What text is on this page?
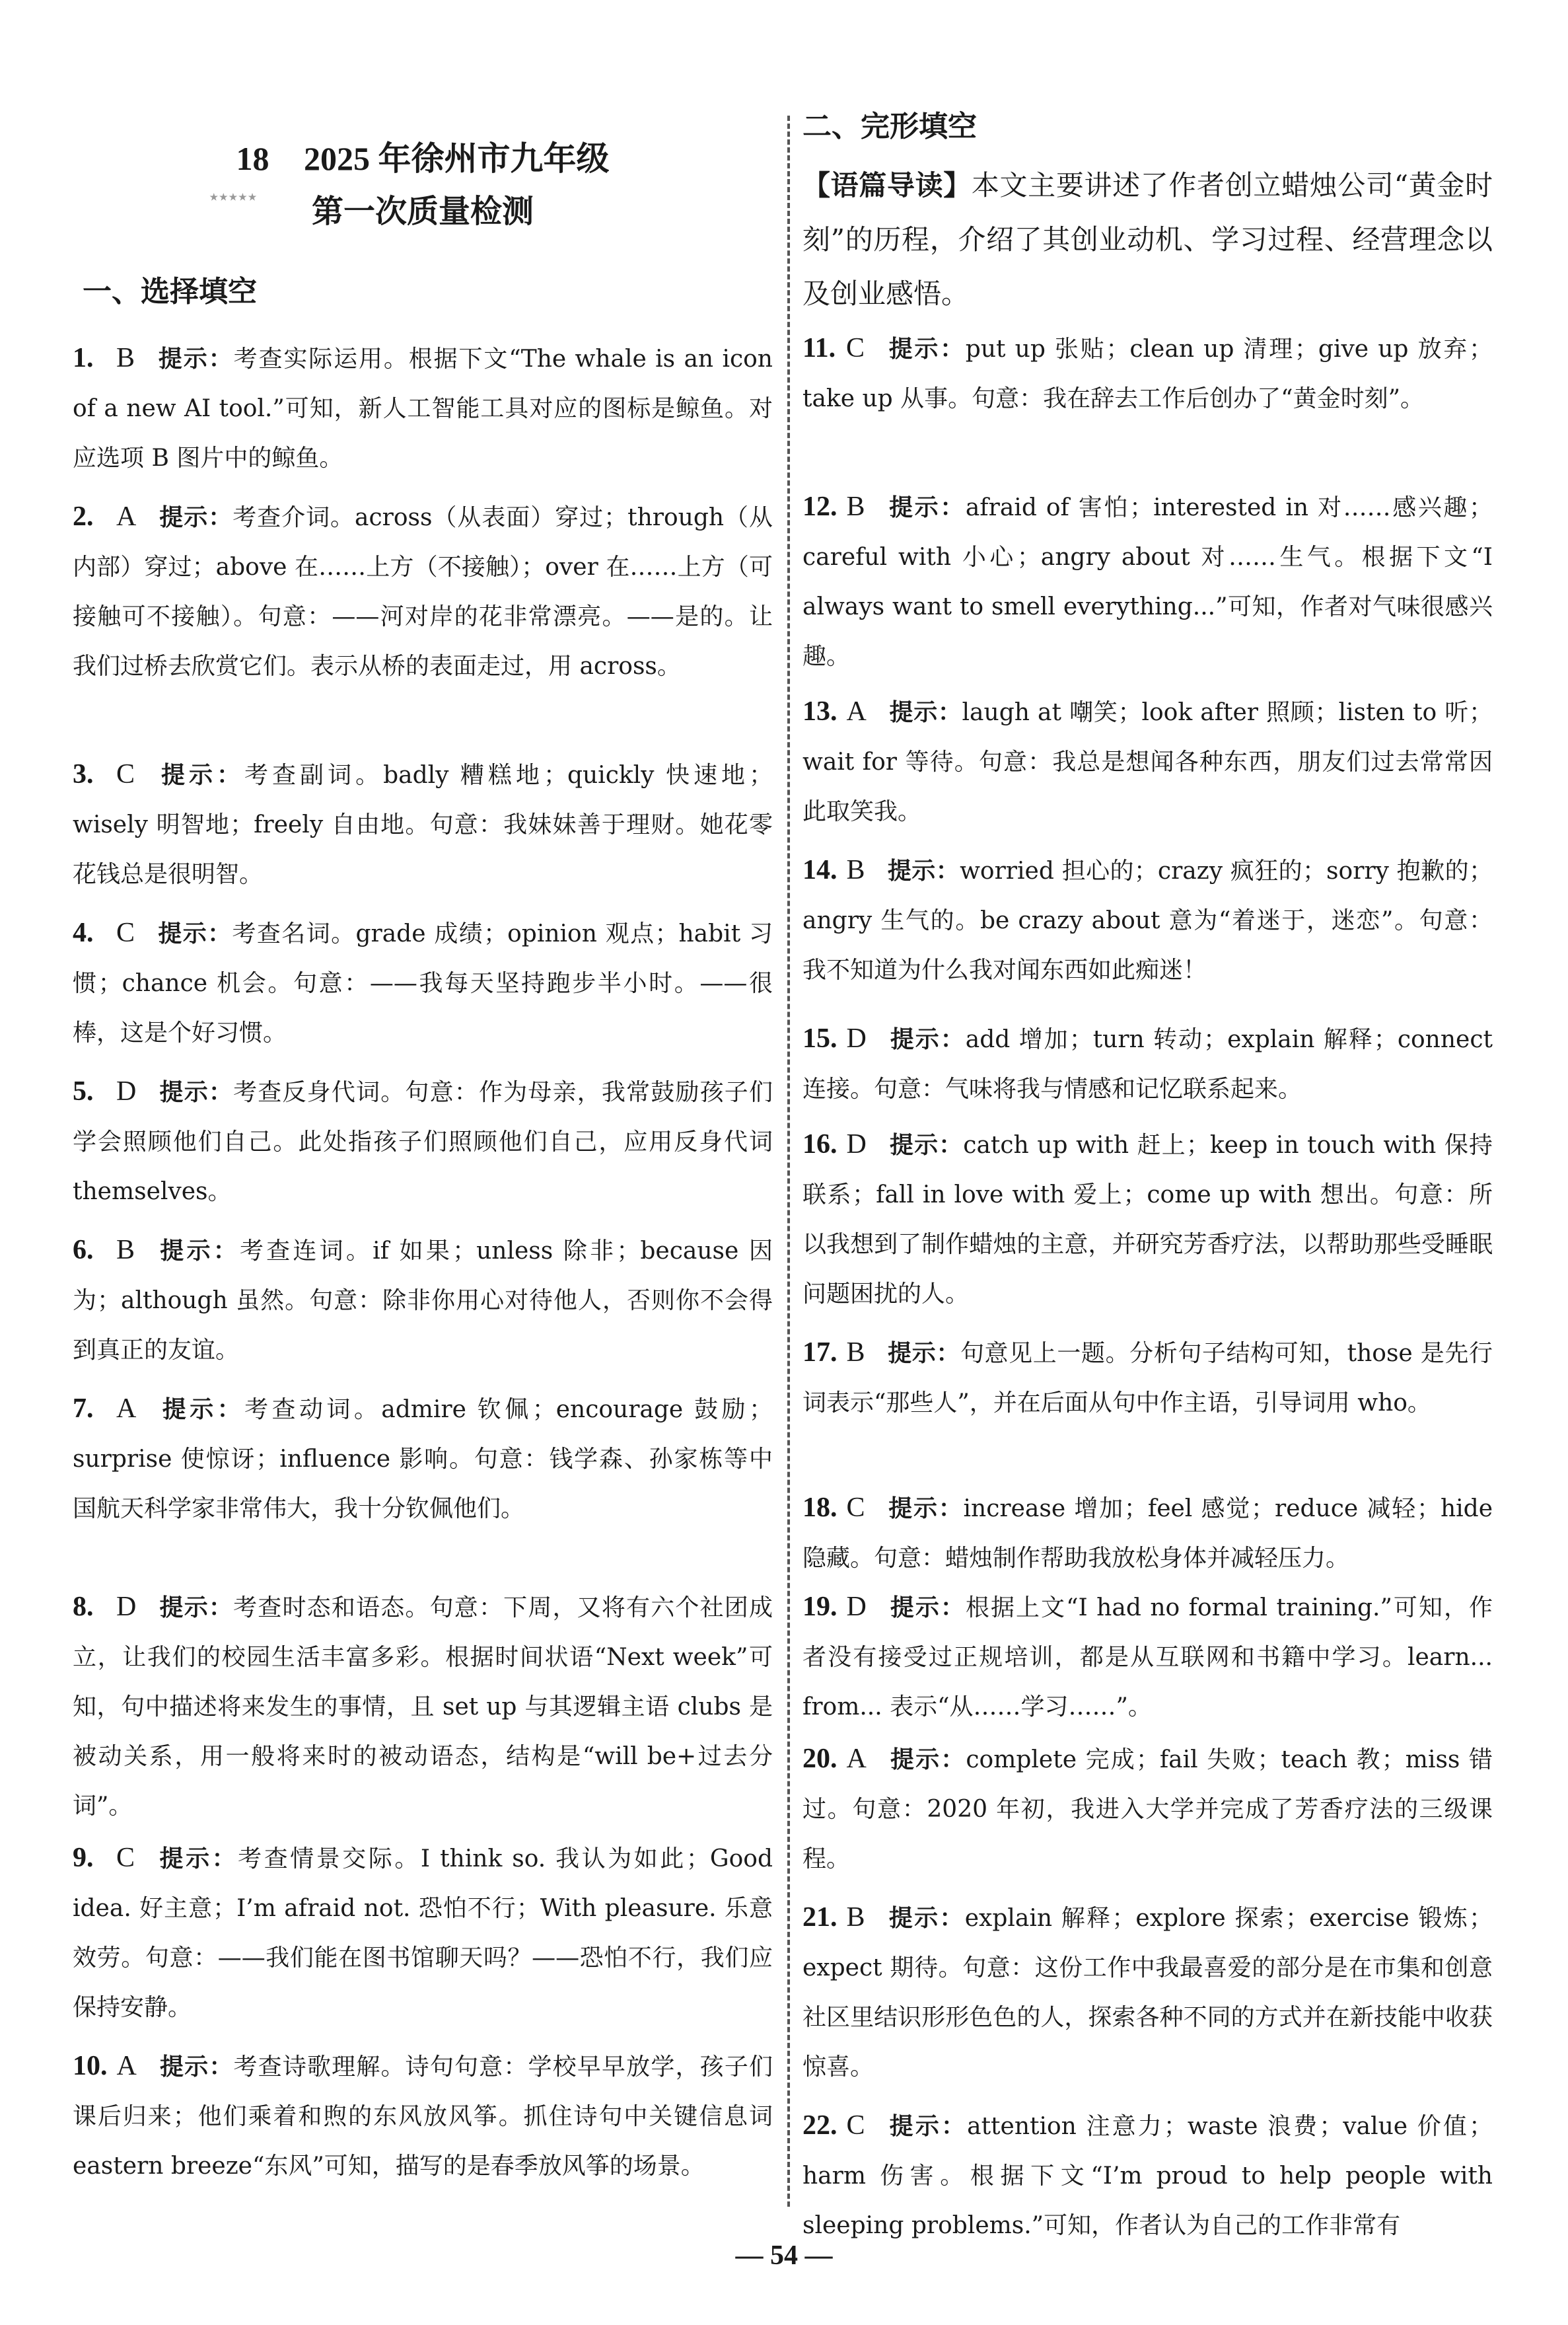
18
★★★★★
2025 年徐州市九年级
第一次质量检测
一、选择填空
1. B 提示：考查实际运用。根据下文“The whale is an icon of a new AI tool.”可知，新人工智能工具对应的图标是鲸鱼。对应选项 B 图片中的鲸鱼。
2. A 提示：考查介词。across（从表面）穿过；through（从内部）穿过；above 在……上方（不接触）；over 在……上方（可接触可不接触）。句意：——河对岸的花非常漂亮。——是的。让我们过桥去欣赏它们。表示从桥的表面走过，用 across。
3. C 提示：考查副词。badly 糟糕地；quickly 快速地；wisely 明智地；freely 自由地。句意：我妹妹善于理财。她花零花钱总是很明智。
4. C 提示：考查名词。grade 成绩；opinion 观点；habit 习惯；chance 机会。句意：——我每天坚持跑步半小时。——很棒，这是个好习惯。
5. D 提示：考查反身代词。句意：作为母亲，我常鼓励孩子们学会照顾他们自己。此处指孩子们照顾他们自己，应用反身代词 themselves。
6. B 提示：考查连词。if 如果；unless 除非；because 因为；although 虽然。句意：除非你用心对待他人，否则你不会得到真正的友谊。
7. A 提示：考查动词。admire 钦佩；encourage 鼓励；surprise 使惊讶；influence 影响。句意：钱学森、孙家栋等中国航天科学家非常伟大，我十分钦佩他们。
8. D 提示：考查时态和语态。句意：下周，又将有六个社团成立，让我们的校园生活丰富多彩。根据时间状语“Next week”可知，句中描述将来发生的事情，且 set up 与其逻辑主语 clubs 是被动关系，用一般将来时的被动语态，结构是“will be+过去分词”。
9. C 提示：考查情景交际。I think so. 我认为如此；Good idea. 好主意；I’m afraid not. 恐怕不行；With pleasure. 乐意效劳。句意：——我们能在图书馆聊天吗？——恐怕不行，我们应保持安静。
10. A 提示：考查诗歌理解。诗句句意：学校早早放学，孩子们课后归来；他们乘着和煦的东风放风筝。抓住诗句中关键信息词 eastern breeze“东风”可知，描写的是春季放风筝的场景。
二、完形填空
【语篇导读】本文主要讲述了作者创立蜡烛公司“黄金时刻”的历程，介绍了其创业动机、学习过程、经营理念以及创业感悟。
11. C 提示：put up 张贴；clean up 清理；give up 放弃；take up 从事。句意：我在辞去工作后创办了“黄金时刻”。
12. B 提示：afraid of 害怕；interested in 对……感兴趣；careful with 小心；angry about 对……生气。根据下文“I always want to smell everything...”可知，作者对气味很感兴趣。
13. A 提示：laugh at 嘲笑；look after 照顾；listen to 听；wait for 等待。句意：我总是想闻各种东西，朋友们过去常常因此取笑我。
14. B 提示：worried 担心的；crazy 疯狂的；sorry 抱歉的；angry 生气的。be crazy about 意为“着迷于，迷恋”。句意：我不知道为什么我对闻东西如此痴迷！
15. D 提示：add 增加；turn 转动；explain 解释；connect 连接。句意：气味将我与情感和记忆联系起来。
16. D 提示：catch up with 赶上；keep in touch with 保持联系；fall in love with 爱上；come up with 想出。句意：所以我想到了制作蜡烛的主意，并研究芳香疗法，以帮助那些受睡眠问题困扰的人。
17. B 提示：句意见上一题。分析句子结构可知，those 是先行词表示“那些人”，并在后面从句中作主语，引导词用 who。
18. C 提示：increase 增加；feel 感觉；reduce 减轻；hide 隐藏。句意：蜡烛制作帮助我放松身体并减轻压力。
19. D 提示：根据上文“I had no formal training.”可知，作者没有接受过正规培训，都是从互联网和书籍中学习。learn... from... 表示“从……学习……”。
20. A 提示：complete 完成；fail 失败；teach 教；miss 错过。句意：2020 年初，我进入大学并完成了芳香疗法的三级课程。
21. B 提示：explain 解释；explore 探索；exercise 锻炼；expect 期待。句意：这份工作中我最喜爱的部分是在市集和创意社区里结识形形色色的人，探索各种不同的方式并在新技能中收获惊喜。
22. C 提示：attention 注意力；waste 浪费；value 价值；harm 伤害。根据下文“I’m proud to help people with sleeping problems.”可知，作者认为自己的工作非常有
— 54 —
